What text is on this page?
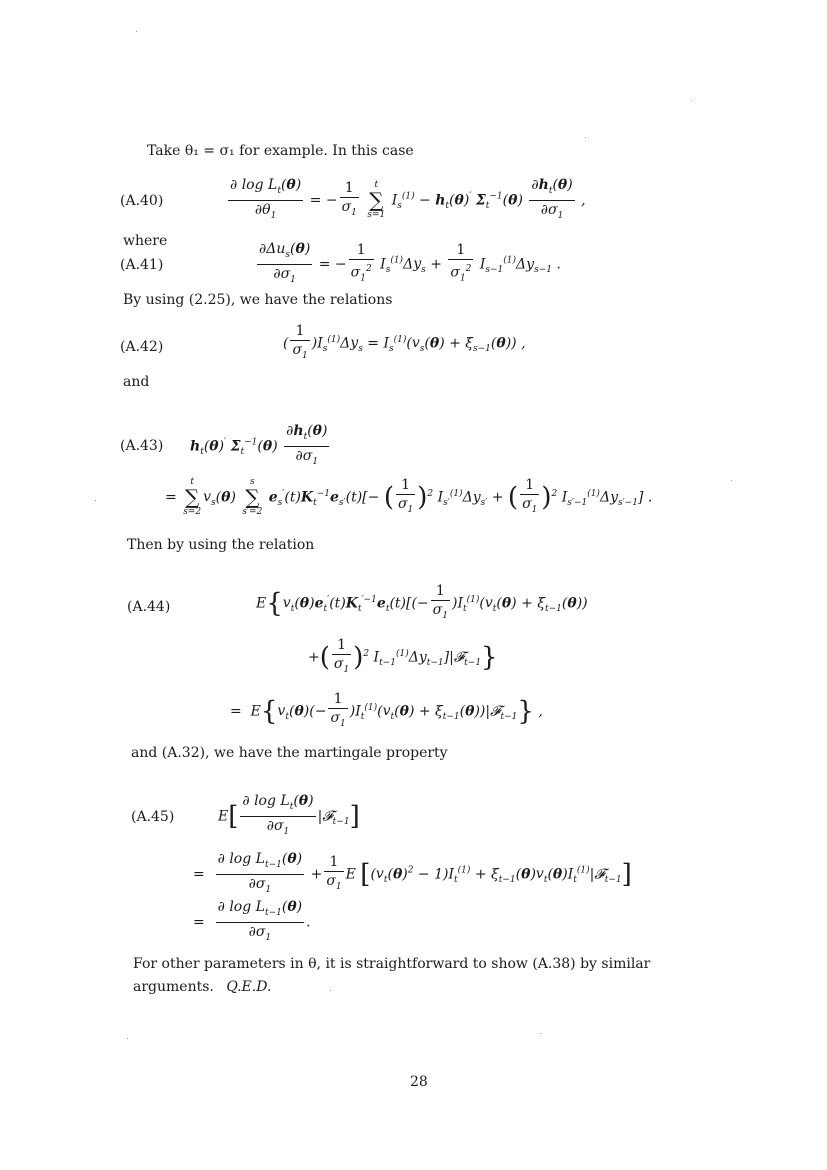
Take θ₁ = σ₁ for example. In this case
(A.40)	$\frac{\partial \log L_t(\theta)}{\partial\theta_1}$ = − $\frac{1}{\sigma_1}$
	t
∑
s=1
$I_s^{(1)} - h_t(\theta)'$ $\Sigma_t^{-1}(\theta) \frac{\partial h_t(\theta)}{\partial\sigma_1}$ ,
where
(A.41)	$\frac{\partial\Delta u_s(\theta)}{\partial\sigma_1}$ = − $\frac{1}{\sigma_1^2} I_s^{(1)}\Delta y_s + \frac{1}{\sigma_1^2} I_{s-1}^{(1)}\Delta y_{s-1}$ .
By using (2.25), we have the relations
(A.42)	( $\frac{1}{\sigma_1} )I_s^{(1)}\Delta y_s = I_s^{(1)}(v_s(\theta) + \xi_{s-1}(\theta))$ ,
and
(A.43) $h_t(\theta)'$ $\Sigma_t^{-1}(\theta) \frac{\partial h_t(\theta)}{\partial\sigma_1}$
=
t
∑
s=2
$v_s(\theta)$
s
∑
s′=2
$e_s'(t)K_t^{-1}e_{s'}(t)[-$ ( $\frac{1}{\sigma_1} )^2$ $I_{s'}^{(1)}\Delta y_{s'}$ + ( $\frac{1}{\sigma_1} )^2$ $I_{s'-1}^{(1)}\Delta y_{s'-1}$] .
Then by using the relation
(A.44)	$E\{v_t(\theta)e_t'(t)K_t^{'-1}e_t(t)[(- \frac{1}{\sigma_1} )I_t^{(1)}(v_t(\theta) + \xi_{t-1}(\theta))$
+( $\frac{1}{\sigma_1} )^2$ $I_{t-1}^{(1)}\Delta y_{t-1}]|𝓕_{t-1}$}
= $E\{v_t(\theta)(- \frac{1}{\sigma_1} )I_t^{(1)}(v_t(\theta)$ + $\xi_{t-1}(\theta))|𝓕_{t-1}$} ,
and (A.32), we have the martingale property
(A.45)	$E[ \frac{\partial \log L_t(\theta)}{\partial\sigma_1}$ |𝓕$_{t-1}$]
= $\frac{\partial \log L_{t-1}(\theta)}{\partial\sigma_1} + \frac{1}{\sigma_1}$ E [$(v_t(\theta)^2 - 1)I_t^{(1)}$ + $\xi_{t-1}(\theta)v_t(\theta)I_t^{(1)}|𝓕_{t-1}$]
= $\frac{\partial \log L_{t-1}(\theta)}{\partial\sigma_1}$ .
For other parameters in θ, it is straightforward to show (A.38) by similar arguments. Q.E.D.
28
